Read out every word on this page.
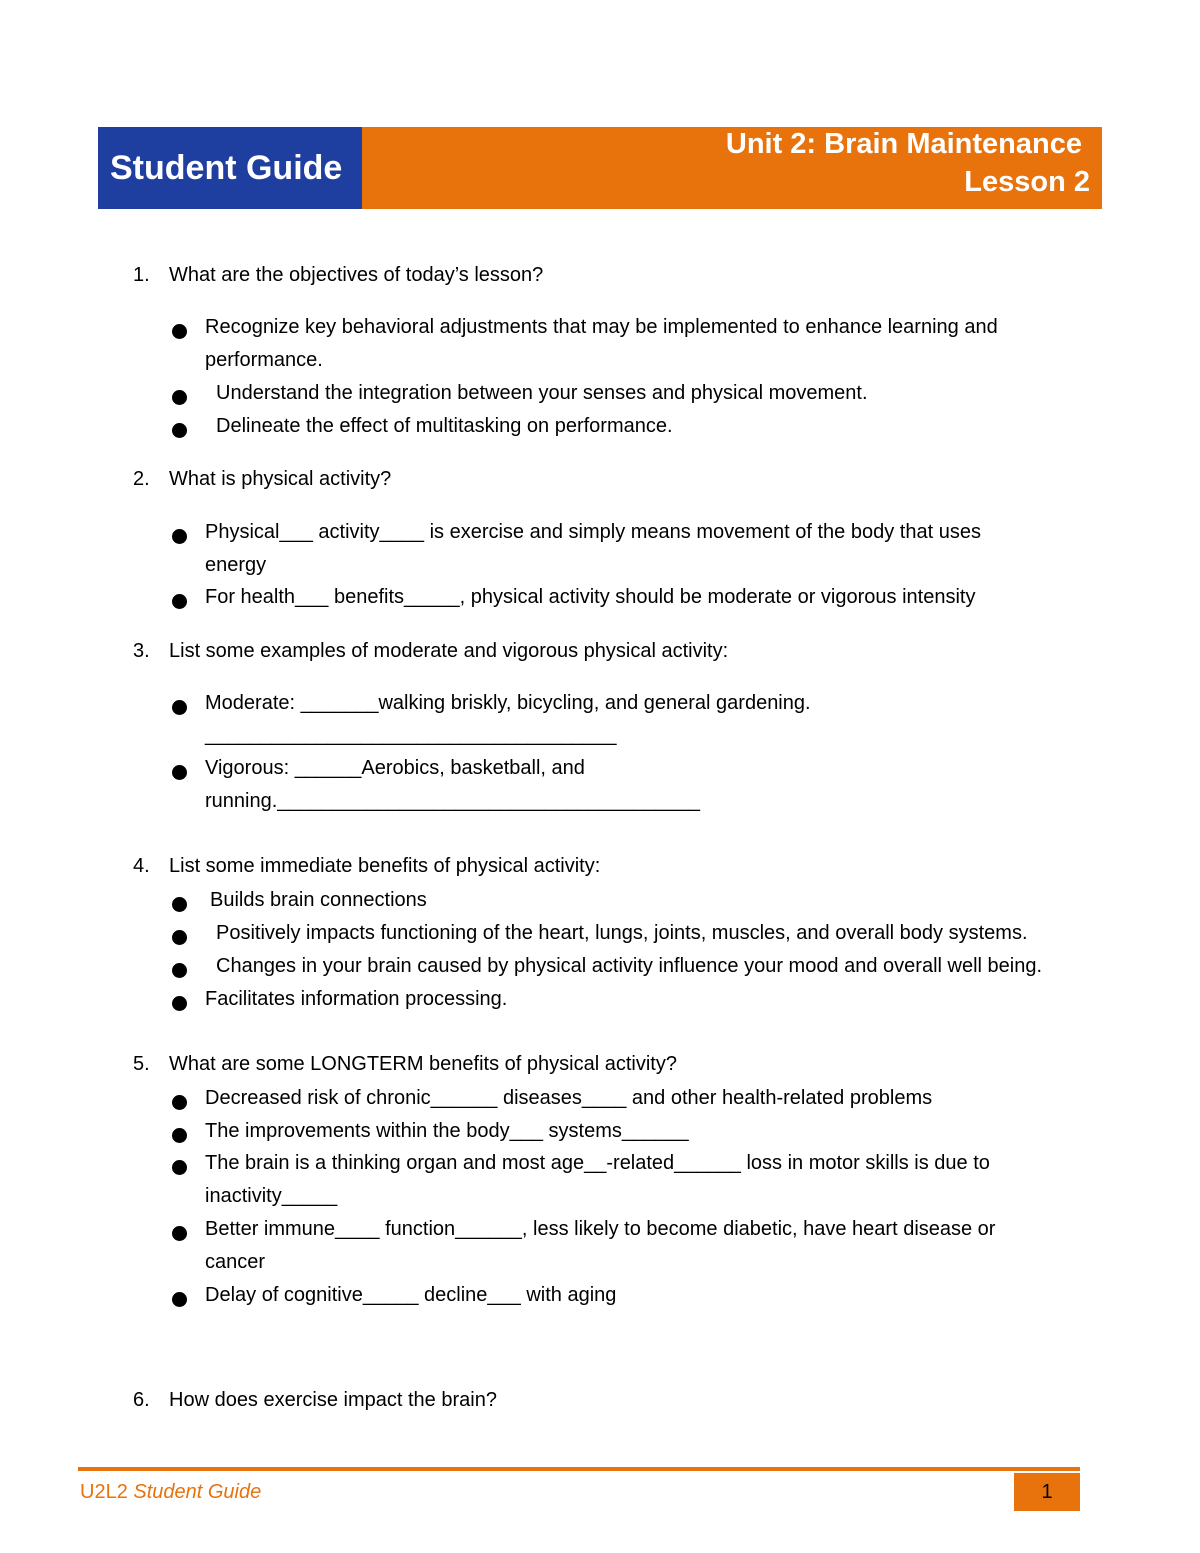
Student Guide
Unit 2: Brain Maintenance
Lesson 2
1. What are the objectives of today’s lesson?
Recognize key behavioral adjustments that may be implemented to enhance learning and
performance.
Understand the integration between your senses and physical movement.
Delineate the effect of multitasking on performance.
2. What is physical activity?
Physical___ activity____ is exercise and simply means movement of the body that uses
energy
For health___ benefits_____, physical activity should be moderate or vigorous intensity
3. List some examples of moderate and vigorous physical activity:
Moderate: _______walking briskly, bicycling, and general gardening.
_____________________________________
Vigorous: ______Aerobics, basketball, and
running.______________________________________
4. List some immediate benefits of physical activity:
Builds brain connections
Positively impacts functioning of the heart, lungs, joints, muscles, and overall body systems.
Changes in your brain caused by physical activity influence your mood and overall well being.
Facilitates information processing.
5. What are some LONGTERM benefits of physical activity?
Decreased risk of chronic______ diseases____ and other health-related problems
The improvements within the body___ systems______
The brain is a thinking organ and most age__-related______ loss in motor skills is due to
inactivity_____
Better immune____ function______, less likely to become diabetic, have heart disease or
cancer
Delay of cognitive_____ decline___ with aging
6. How does exercise impact the brain?
U2L2 Student Guide	1
